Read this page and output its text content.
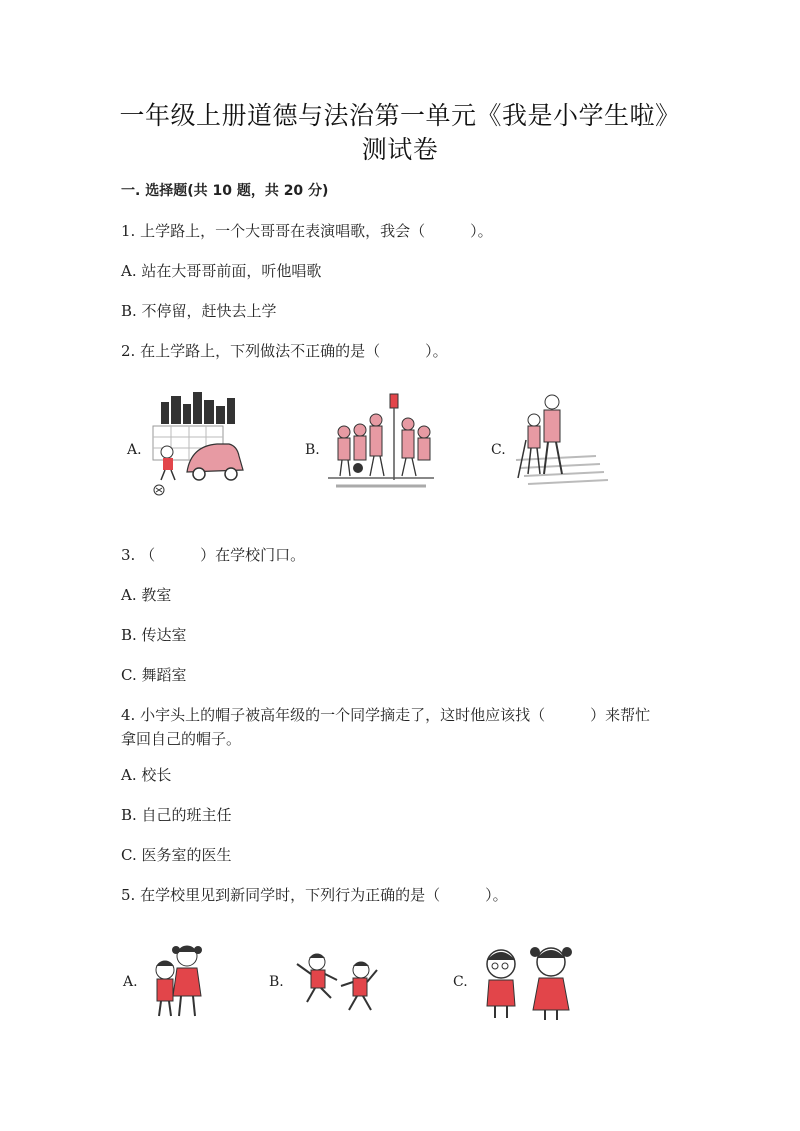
一年级上册道德与法治第一单元《我是小学生啦》
测试卷
一. 选择题(共 10 题，共 20 分)
1. 上学路上，一个大哥哥在表演唱歌，我会（　　　）。
A. 站在大哥哥前面，听他唱歌
B. 不停留，赶快去上学
2. 在上学路上，下列做法不正确的是（　　　）。
A.	B.	C.
3. （　　　）在学校门口。
A. 教室
B. 传达室
C. 舞蹈室
4. 小宇头上的帽子被高年级的一个同学摘走了，这时他应该找（　　　）来帮忙
拿回自己的帽子。
A. 校长
B. 自己的班主任
C. 医务室的医生
5. 在学校里见到新同学时，下列行为正确的是（　　　）。
A.	B.	C.
